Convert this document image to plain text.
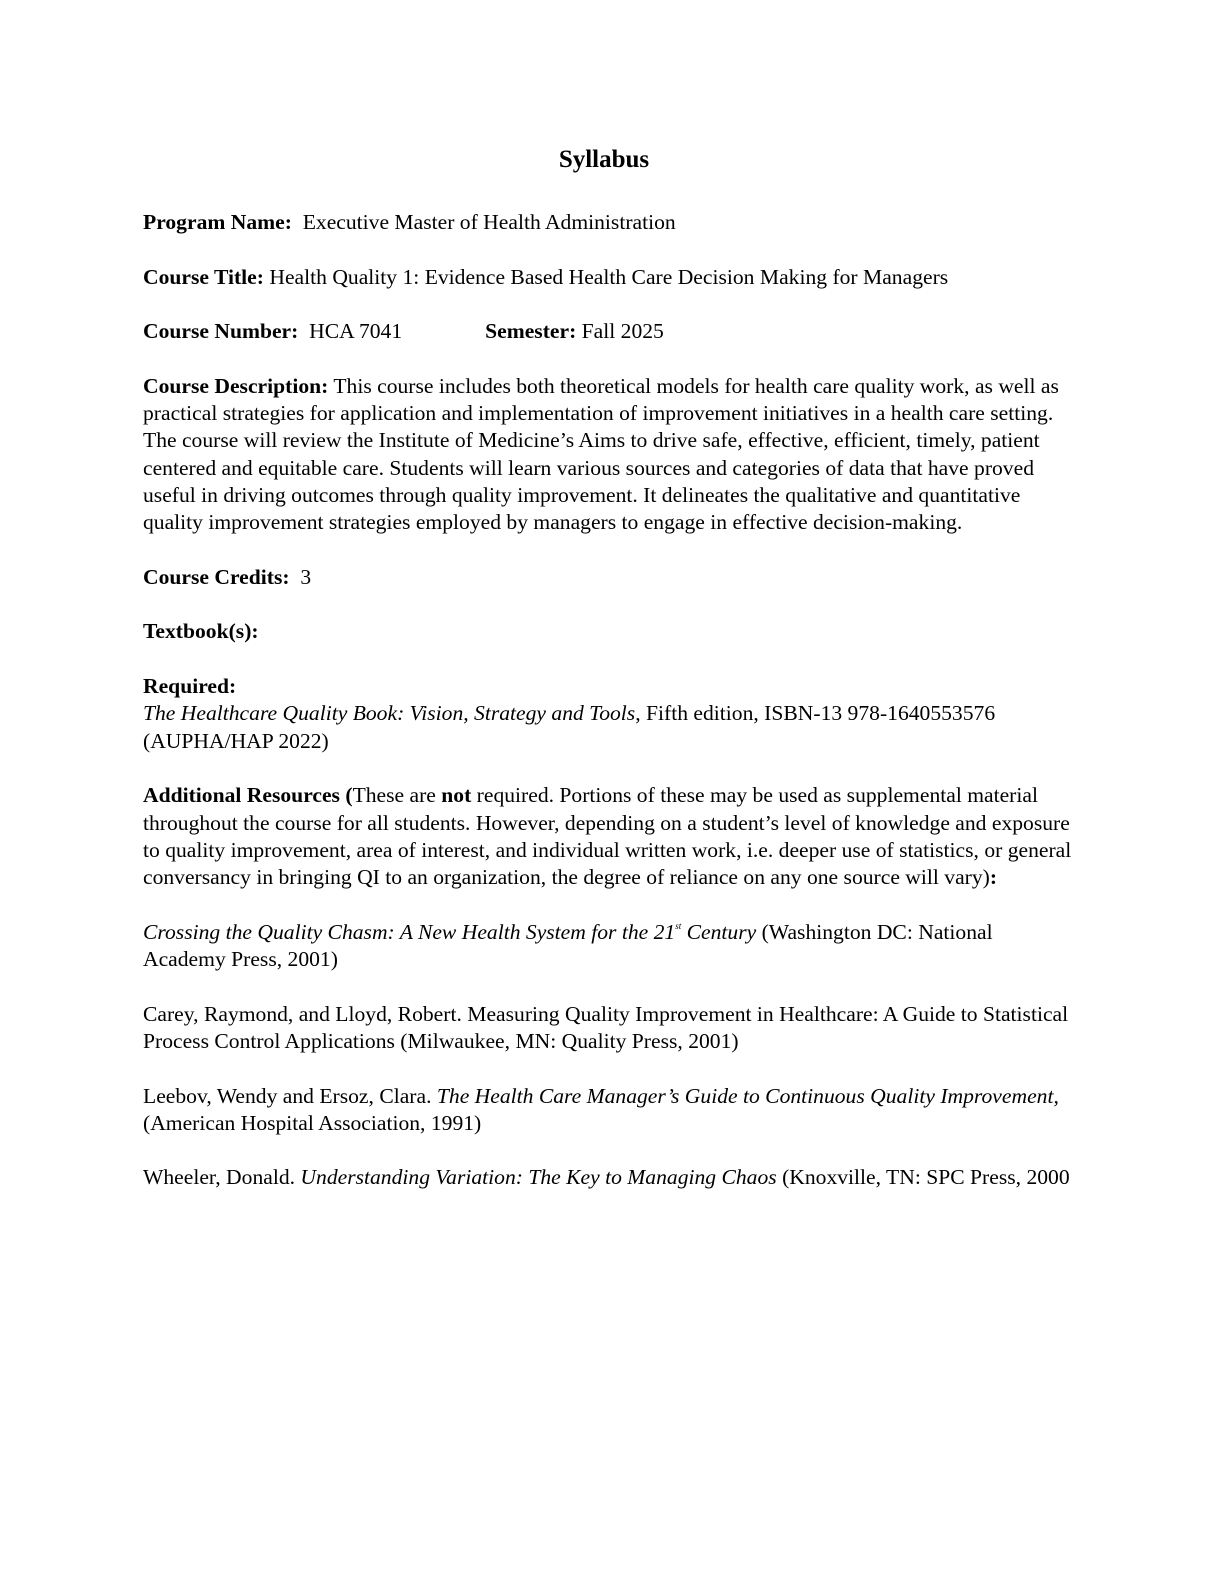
Syllabus

Program Name: Executive Master of Health Administration

Course Title: Health Quality 1: Evidence Based Health Care Decision Making for Managers

Course Number: HCA 7041	Semester: Fall 2025

Course Description: This course includes both theoretical models for health care quality work, as well as practical strategies for application and implementation of improvement initiatives in a health care setting. The course will review the Institute of Medicine’s Aims to drive safe, effective, efficient, timely, patient centered and equitable care. Students will learn various sources and categories of data that have proved useful in driving outcomes through quality improvement. It delineates the qualitative and quantitative quality improvement strategies employed by managers to engage in effective decision-making.

Course Credits: 3

Textbook(s):

Required:

The Healthcare Quality Book: Vision, Strategy and Tools, Fifth edition, ISBN-13 978-1640553576 (AUPHA/HAP 2022)

Additional Resources (These are not required. Portions of these may be used as supplemental material throughout the course for all students. However, depending on a student’s level of knowledge and exposure to quality improvement, area of interest, and individual written work, i.e. deeper use of statistics, or general conversancy in bringing QI to an organization, the degree of reliance on any one source will vary):

Crossing the Quality Chasm: A New Health System for the 21st Century (Washington DC: National Academy Press, 2001)

Carey, Raymond, and Lloyd, Robert. Measuring Quality Improvement in Healthcare: A Guide to Statistical Process Control Applications (Milwaukee, MN: Quality Press, 2001)

Leebov, Wendy and Ersoz, Clara. The Health Care Manager’s Guide to Continuous Quality Improvement, (American Hospital Association, 1991)

Wheeler, Donald. Understanding Variation: The Key to Managing Chaos (Knoxville, TN: SPC Press, 2000
